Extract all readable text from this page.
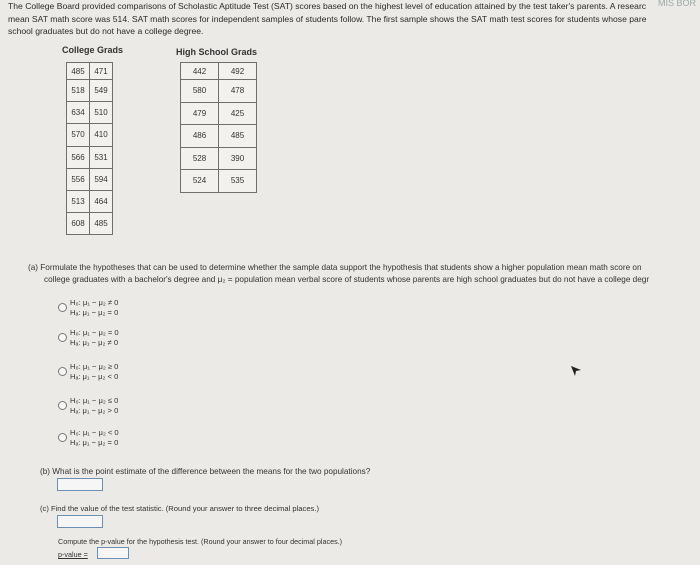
The College Board provided comparisons of Scholastic Aptitude Test (SAT) scores based on the highest level of education attained by the test taker's parents. A researc
mean SAT math score was 514. SAT math scores for independent samples of students follow. The first sample shows the SAT math test scores for students whose pare
school graduates but do not have a college degree.
MIS BOR
College Grads	High School Grads
485	471
518	549
634	510
570	410
566	531
556	594
513	464
608	485
442	492
580	478
479	425
486	485
528	390
524	535
(a) Formulate the hypotheses that can be used to determine whether the sample data support the hypothesis that students show a higher population mean math score on
college graduates with a bachelor's degree and μ₂ = population mean verbal score of students whose parents are high school graduates but do not have a college degr
H₀: μ₁ − μ₂ ≠ 0
Hₐ: μ₁ − μ₂ = 0
H₀: μ₁ − μ₂ = 0
Hₐ: μ₁ − μ₂ ≠ 0
H₀: μ₁ − μ₂ ≥ 0
Hₐ: μ₁ − μ₂ < 0
H₀: μ₁ − μ₂ ≤ 0
Hₐ: μ₁ − μ₂ > 0
H₀: μ₁ − μ₂ < 0
Hₐ: μ₁ − μ₂ = 0
(b) What is the point estimate of the difference between the means for the two populations?
(c) Find the value of the test statistic. (Round your answer to three decimal places.)
Compute the p-value for the hypothesis test. (Round your answer to four decimal places.)
p-value =
